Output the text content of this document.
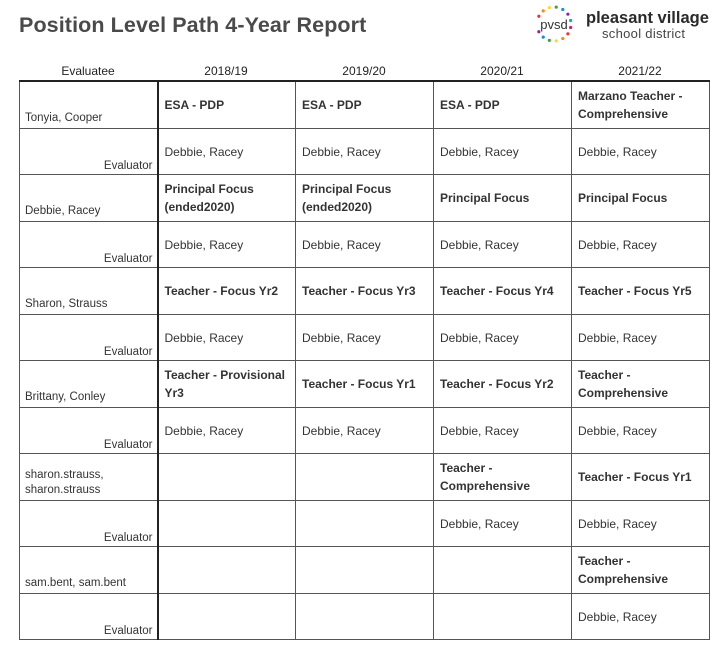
Position Level Path 4-Year Report	pvsd pleasant village
school district
Evaluatee	2018/19	2019/20	2020/21	2021/22
Tonyia, Cooper	ESA - PDP	ESA - PDP	ESA - PDP	Marzano Teacher - Comprehensive

Evaluator	Debbie, Racey	Debbie, Racey	Debbie, Racey	Debbie, Racey

Debbie, Racey	Principal Focus (ended2020)	Principal Focus (ended2020)	Principal Focus	Principal Focus

Evaluator	Debbie, Racey	Debbie, Racey	Debbie, Racey	Debbie, Racey

Sharon, Strauss	Teacher - Focus Yr2	Teacher - Focus Yr3	Teacher - Focus Yr4	Teacher - Focus Yr5

Evaluator	Debbie, Racey	Debbie, Racey	Debbie, Racey	Debbie, Racey

Brittany, Conley	Teacher - Provisional Yr3	Teacher - Focus Yr1	Teacher - Focus Yr2	Teacher - Comprehensive

Evaluator	Debbie, Racey	Debbie, Racey	Debbie, Racey	Debbie, Racey

sharon.strauss, sharon.strauss			Teacher - Comprehensive	Teacher - Focus Yr1

Evaluator			Debbie, Racey	Debbie, Racey

sam.bent, sam.bent				Teacher - Comprehensive

Evaluator				Debbie, Racey
